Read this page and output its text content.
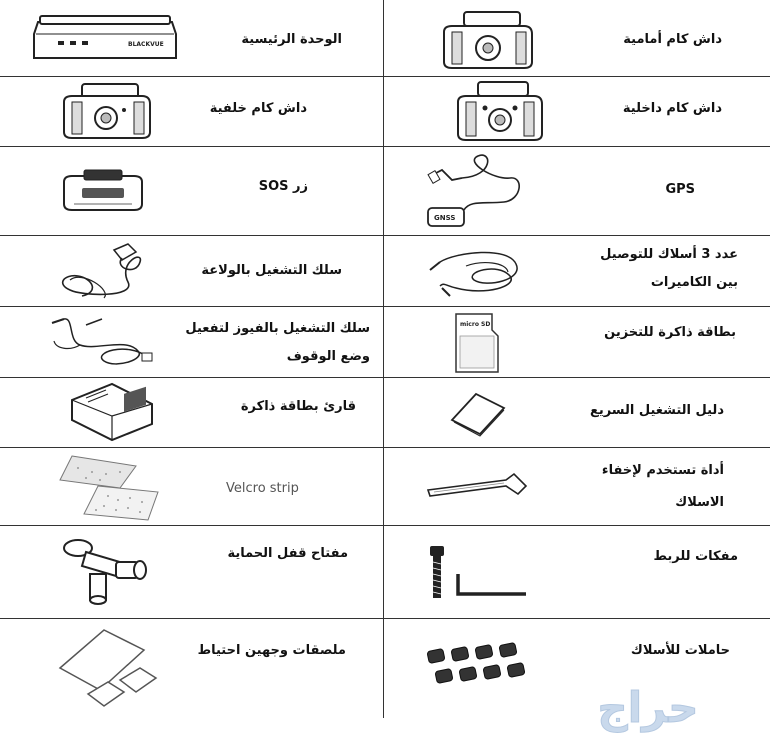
BLACKVUE	الوحدة الرئيسية
داش كام خلفية
زر SOS
سلك التشغيل بالولاعة
سلك التشغيل بالفيوز لتفعيل
وضع الوقوف
قارئ بطاقة ذاكرة
Velcro strip
مفتاح قفل الحماية
ملصقات وجهين احتياط
داش كام أمامية
داش كام داخلية
GNSS
GPS
عدد 3 أسلاك للتوصيل
بين الكاميرات
micro SD
بطاقة ذاكرة للتخزين
دليل التشغيل السريع
أداة تستخدم لإخفاء
الاسلاك
مفكات للربط
حاملات للأسلاك
حراج
